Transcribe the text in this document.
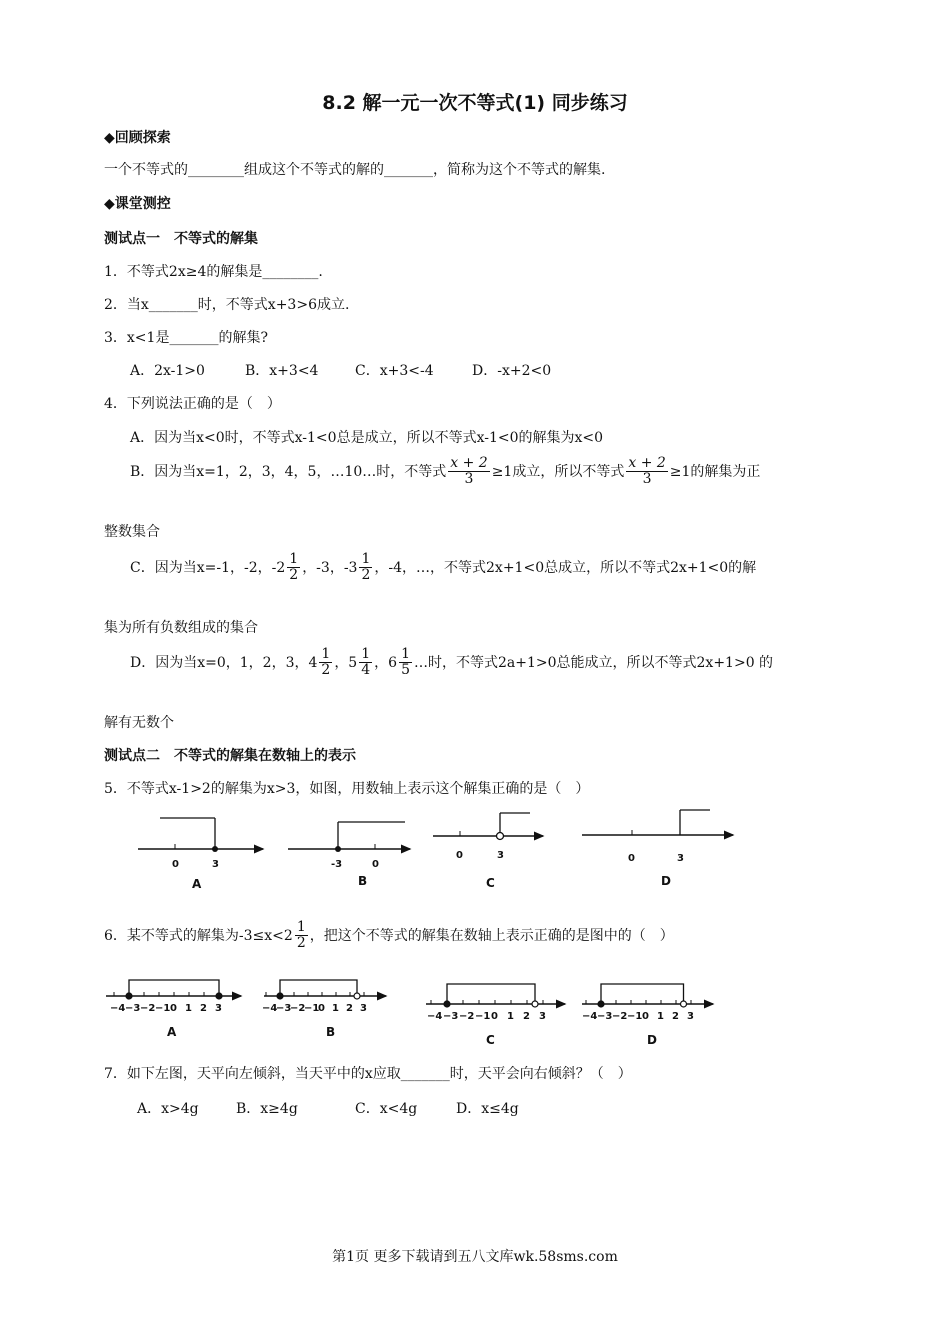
8.2 解一元一次不等式(1) 同步练习
◆回顾探索
一个不等式的________组成这个不等式的解的_______，简称为这个不等式的解集.
◆课堂测控
测试点一　不等式的解集
1．不等式2x≥4的解集是________.
2．当x_______时，不等式x+3>6成立.
3．x<1是_______的解集?
A．2x-1>0	B．x+3<4	C．x+3<-4	D．-x+2<0
4．下列说法正确的是（　）
A．因为当x<0时，不等式x-1<0总是成立，所以不等式x-1<0的解集为x<0
B．因为当x=1，2，3，4，5，…10…时，不等式 $\frac{x + 2}{3} \ge 1$成立，所以不等式 $\frac{x + 2}{3} \ge 1$的解集为正
整数集合
C．因为当x=-1，-2，$-2 \frac{1}{2}$ ，-3，$-3 \frac{1}{2}$ ，-4，…，不等式2x+1<0总成立，所以不等式2x+1<0的解
集为所有负数组成的集合
D．因为当x=0，1，2，3，$4 \frac{1}{2}$ ，$5 \frac{1}{4}$ ，$6 \frac{1}{5}$ …时，不等式2a+1>0总能成立，所以不等式2x+1>0 的
解有无数个
测试点二　不等式的解集在数轴上的表示
5．不等式x-1>2的解集为x>3，如图，用数轴上表示这个解集正确的是（　）
0	3
A
-3	0
B
0	3
C
0	3
D
6．某不等式的解集为$-3\le x<2 \frac{1}{2}$ ，把这个不等式的解集在数轴上表示正确的是图中的（　）
−4 −3 −2 −1 0 1 2 3
A
−4
−3
−2
−1
0 1 2 3
B
−4 −3 −2 −1 0 1 2 3
C
−4 −3 −2 −1 0 1 2 3
D
7．如下左图，天平向左倾斜，当天平中的x应取_______时，天平会向右倾斜？（　）
A．x>4g	B．x≥4g	C．x<4g	D．x≤4g
第1页 更多下载请到五八文库wk.58sms.com
